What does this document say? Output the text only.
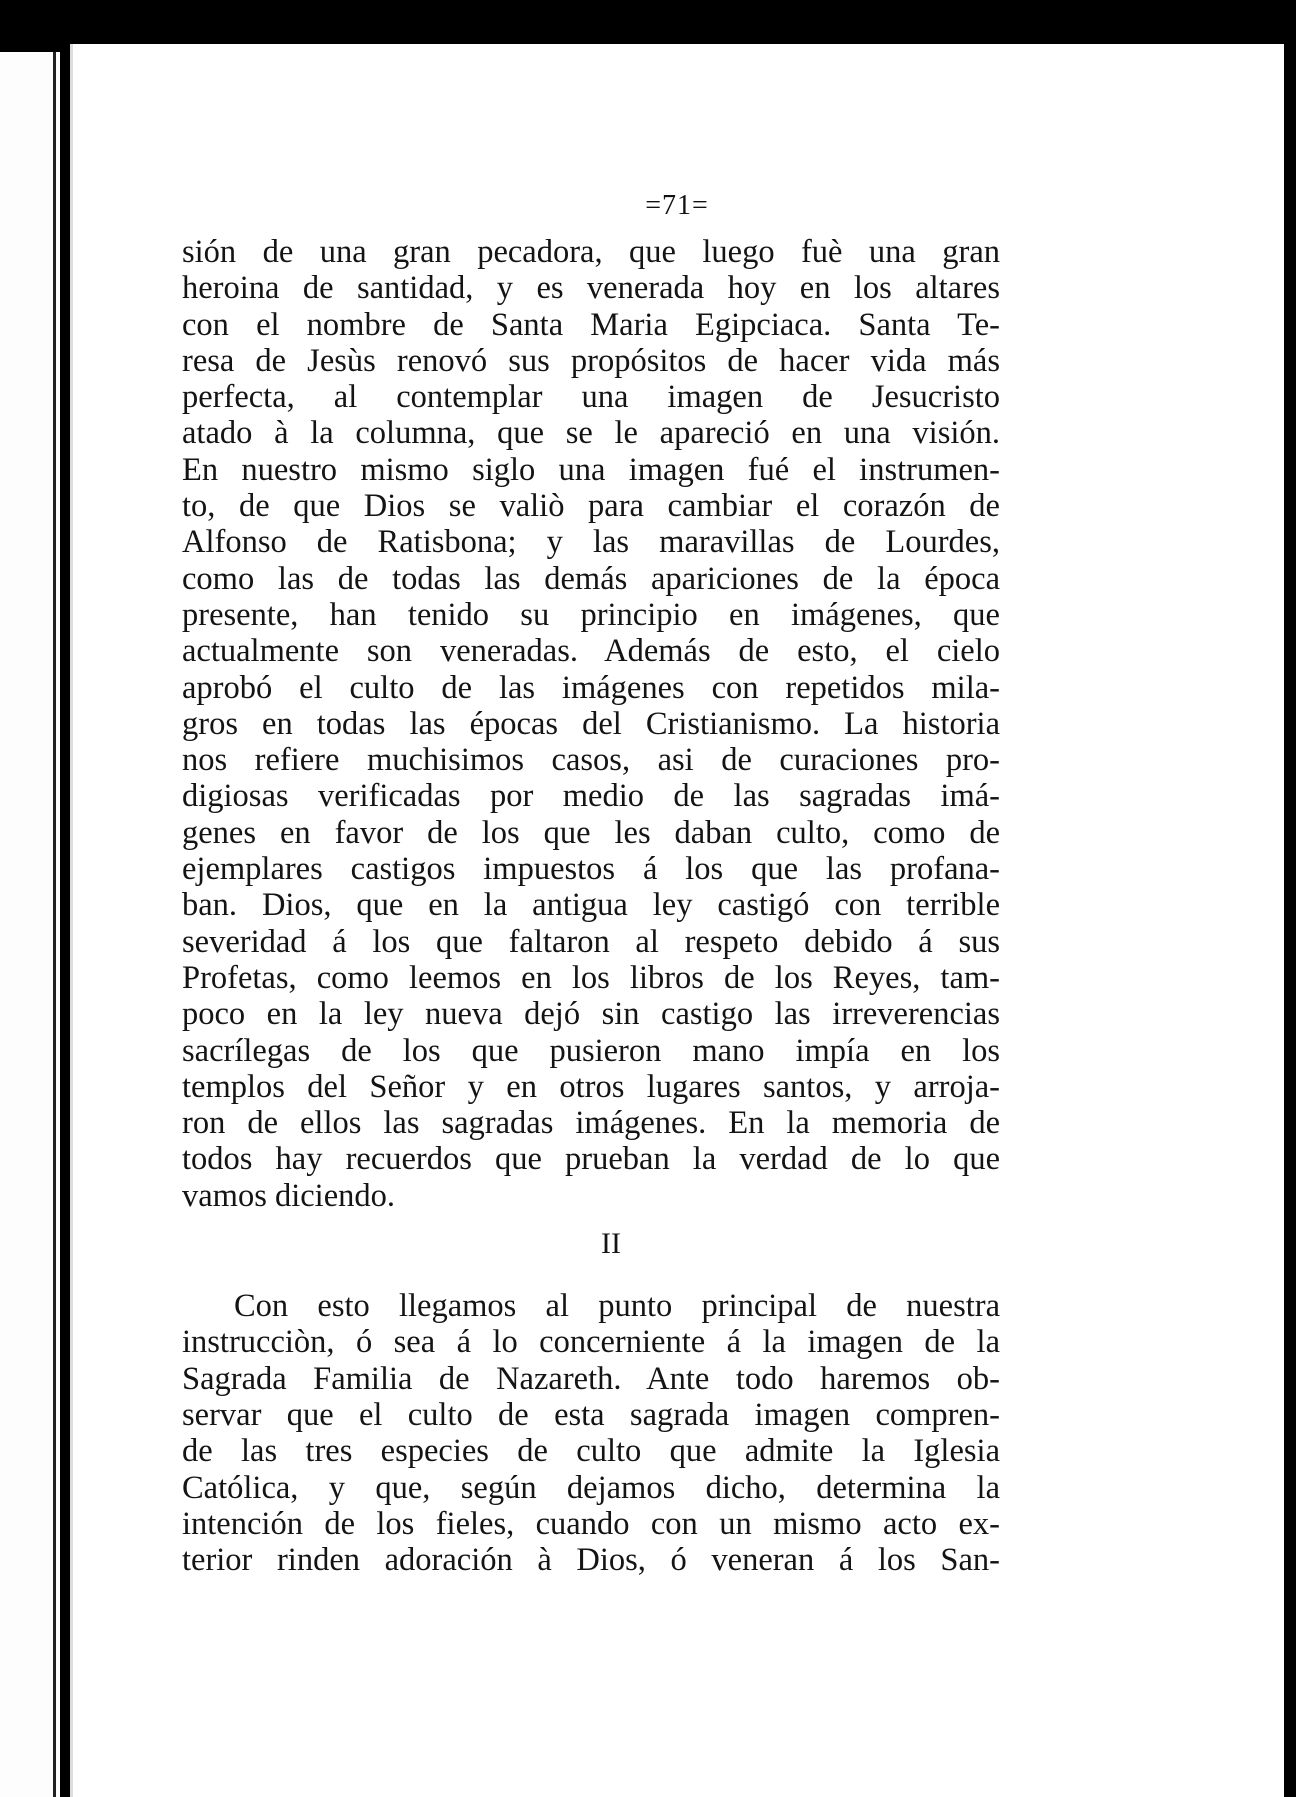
=71=
sión de una gran pecadora, que luego fuè una gran
heroina de santidad, y es venerada hoy en los altares
con el nombre de Santa Maria Egipciaca. Santa Te-
resa de Jesùs renovó sus propósitos de hacer vida más
perfecta, al contemplar una imagen de Jesucristo
atado à la columna, que se le apareció en una visión.
En nuestro mismo siglo una imagen fué el instrumen-
to, de que Dios se valiò para cambiar el corazón de
Alfonso de Ratisbona; y las maravillas de Lourdes,
como las de todas las demás apariciones de la época
presente, han tenido su principio en imágenes, que
actualmente son veneradas. Además de esto, el cielo
aprobó el culto de las imágenes con repetidos mila-
gros en todas las épocas del Cristianismo. La historia
nos refiere muchisimos casos, asi de curaciones pro-
digiosas verificadas por medio de las sagradas imá-
genes en favor de los que les daban culto, como de
ejemplares castigos impuestos á los que las profana-
ban. Dios, que en la antigua ley castigó con terrible
severidad á los que faltaron al respeto debido á sus
Profetas, como leemos en los libros de los Reyes, tam-
poco en la ley nueva dejó sin castigo las irreverencias
sacrílegas de los que pusieron mano impía en los
templos del Señor y en otros lugares santos, y arroja-
ron de ellos las sagradas imágenes. En la memoria de
todos hay recuerdos que prueban la verdad de lo que
vamos diciendo.
II
Con esto llegamos al punto principal de nuestra
instrucciòn, ó sea á lo concerniente á la imagen de la
Sagrada Familia de Nazareth. Ante todo haremos ob-
servar que el culto de esta sagrada imagen compren-
de las tres especies de culto que admite la Iglesia
Católica, y que, según dejamos dicho, determina la
intención de los fieles, cuando con un mismo acto ex-
terior rinden adoración à Dios, ó veneran á los San-
